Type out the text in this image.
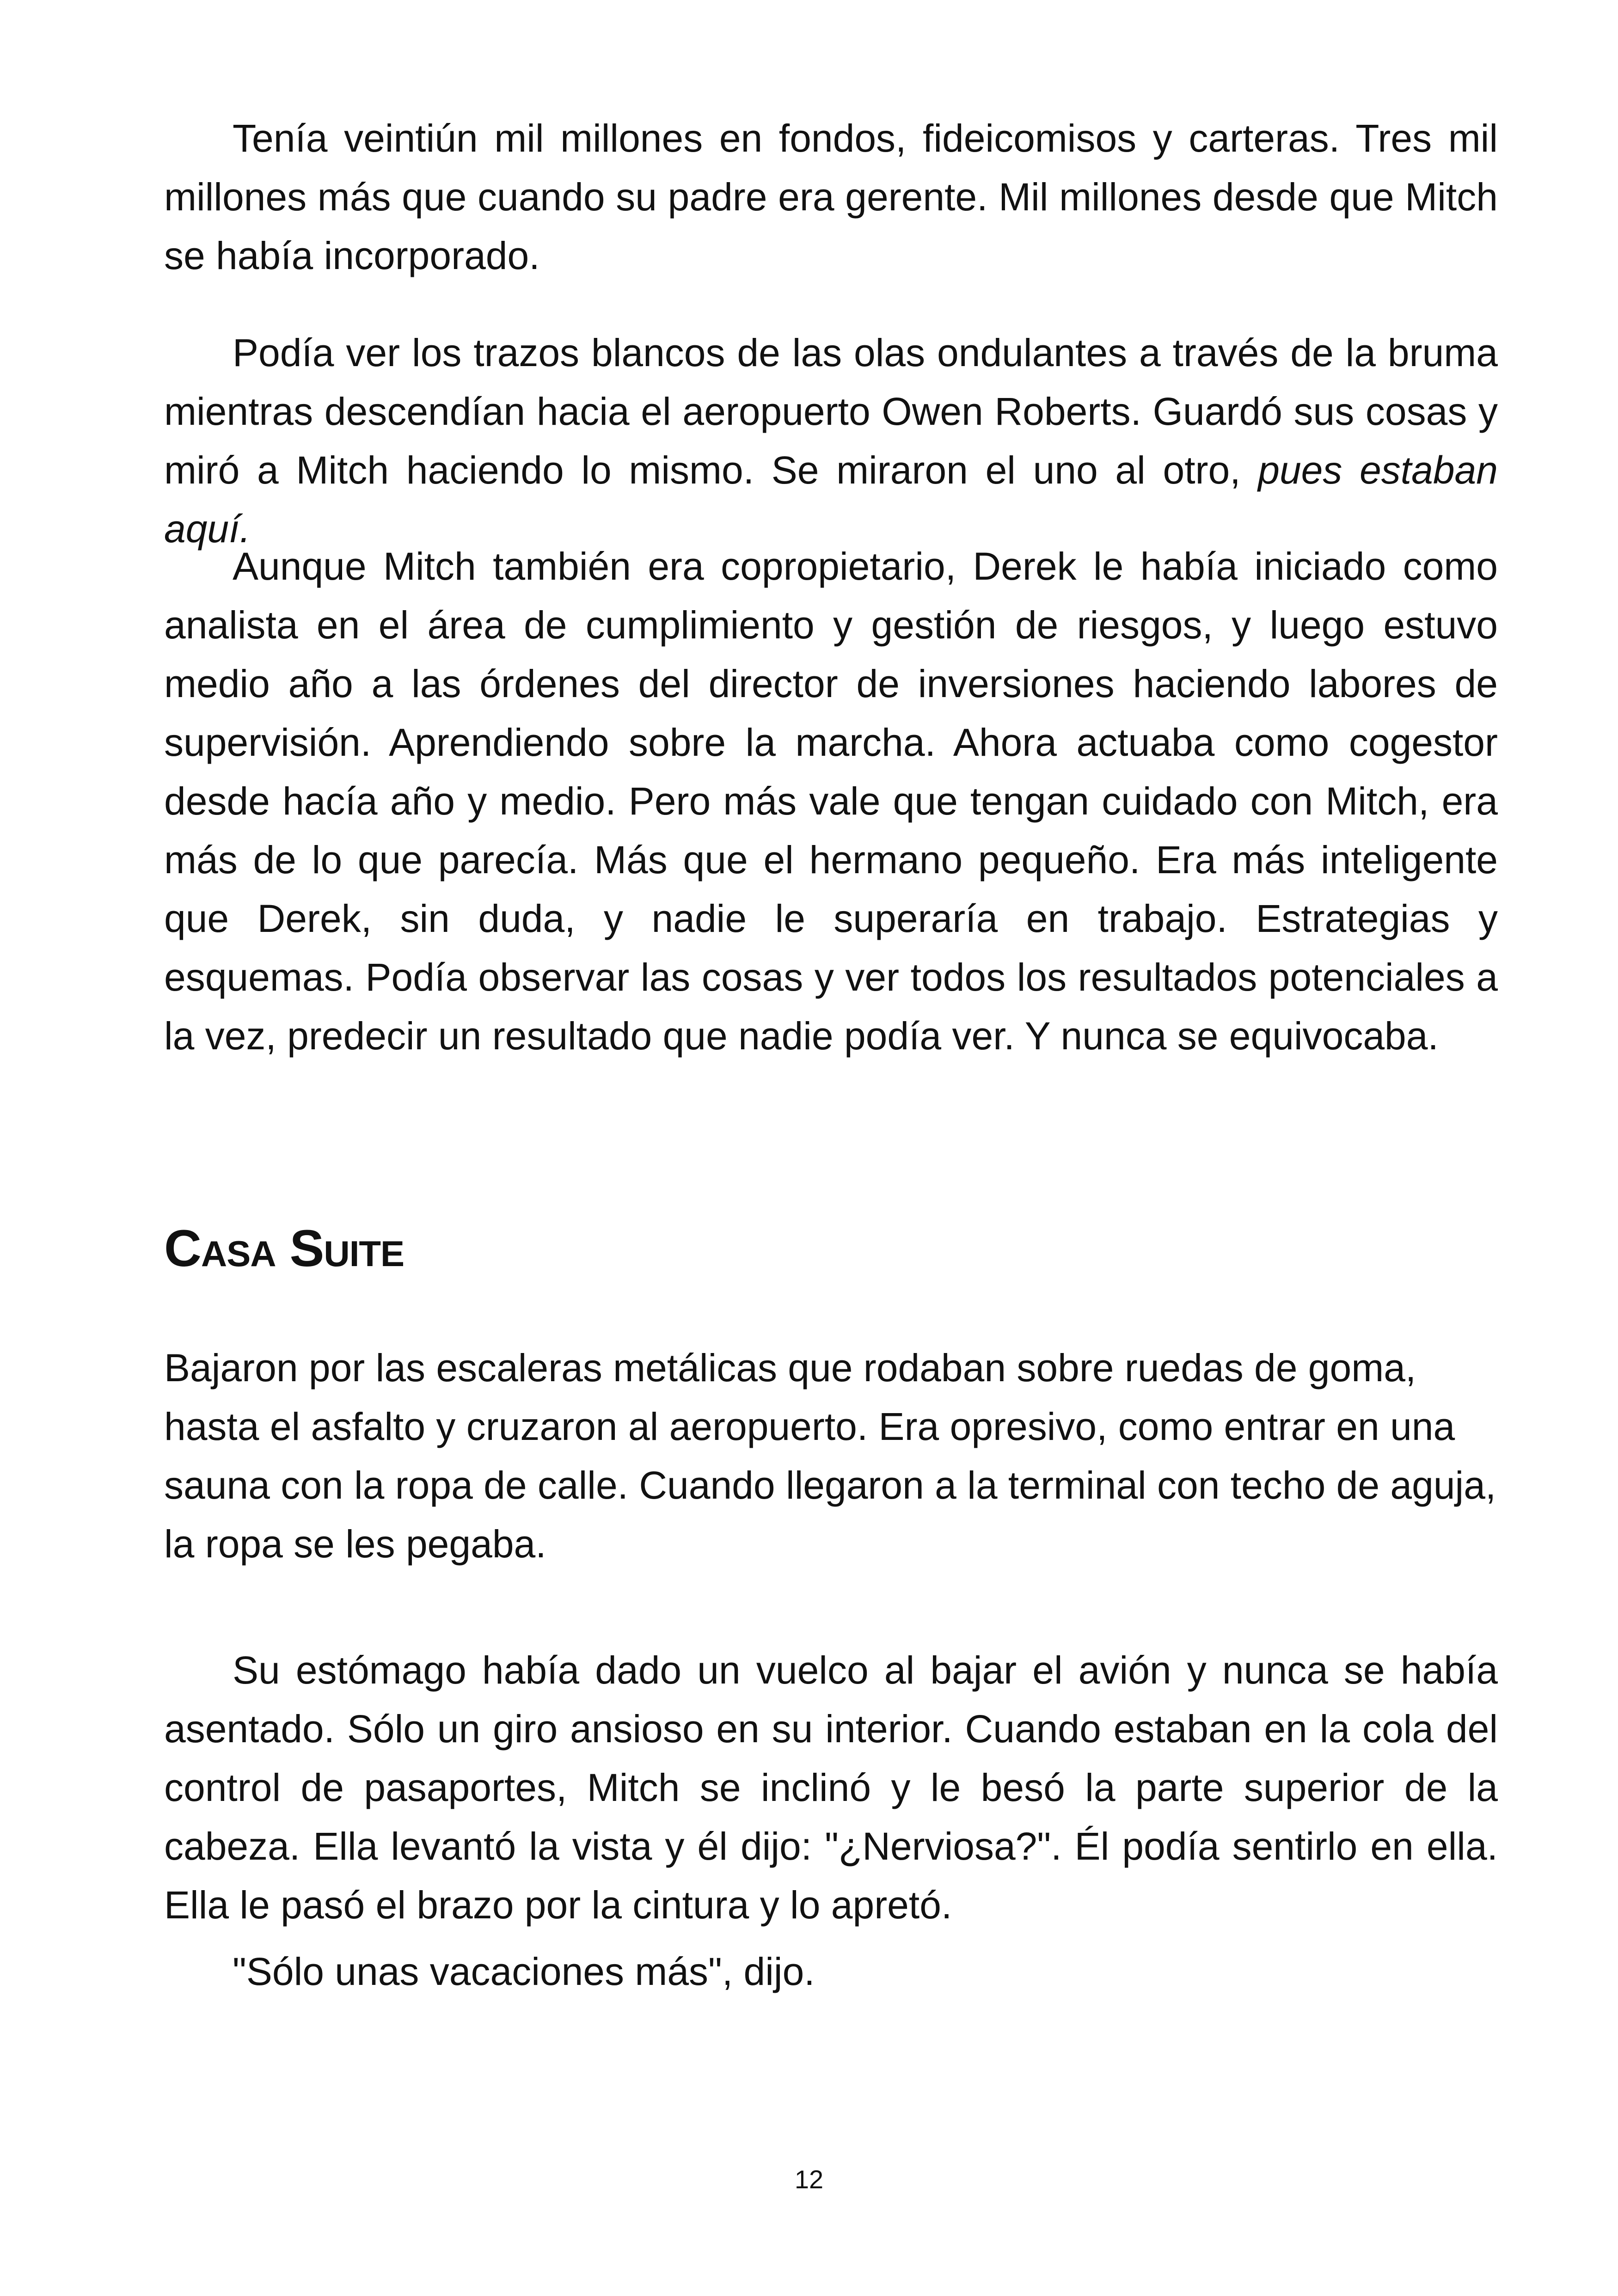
Tenía veintiún mil millones en fondos, fideicomisos y carteras. Tres mil millones más que cuando su padre era gerente. Mil millones desde que Mitch se había incorporado.

Podía ver los trazos blancos de las olas ondulantes a través de la bruma mientras descendían hacia el aeropuerto Owen Roberts. Guardó sus cosas y miró a Mitch haciendo lo mismo. Se miraron el uno al otro, pues estaban aquí.

Aunque Mitch también era copropietario, Derek le había iniciado como analista en el área de cumplimiento y gestión de riesgos, y luego estuvo medio año a las órdenes del director de inversiones haciendo labores de supervisión. Aprendiendo sobre la marcha. Ahora actuaba como cogestor desde hacía año y medio. Pero más vale que tengan cuidado con Mitch, era más de lo que parecía. Más que el hermano pequeño. Era más inteligente que Derek, sin duda, y nadie le superaría en trabajo. Estrategias y esquemas. Podía observar las cosas y ver todos los resultados potenciales a la vez, predecir un resultado que nadie podía ver. Y nunca se equivocaba.

Casa Suite

Bajaron por las escaleras metálicas que rodaban sobre ruedas de goma, hasta el asfalto y cruzaron al aeropuerto. Era opresivo, como entrar en una sauna con la ropa de calle. Cuando llegaron a la terminal con techo de aguja, la ropa se les pegaba.

Su estómago había dado un vuelco al bajar el avión y nunca se había asentado. Sólo un giro ansioso en su interior. Cuando estaban en la cola del control de pasaportes, Mitch se inclinó y le besó la parte superior de la cabeza. Ella levantó la vista y él dijo: "¿Nerviosa?". Él podía sentirlo en ella. Ella le pasó el brazo por la cintura y lo apretó.

"Sólo unas vacaciones más", dijo.

12
